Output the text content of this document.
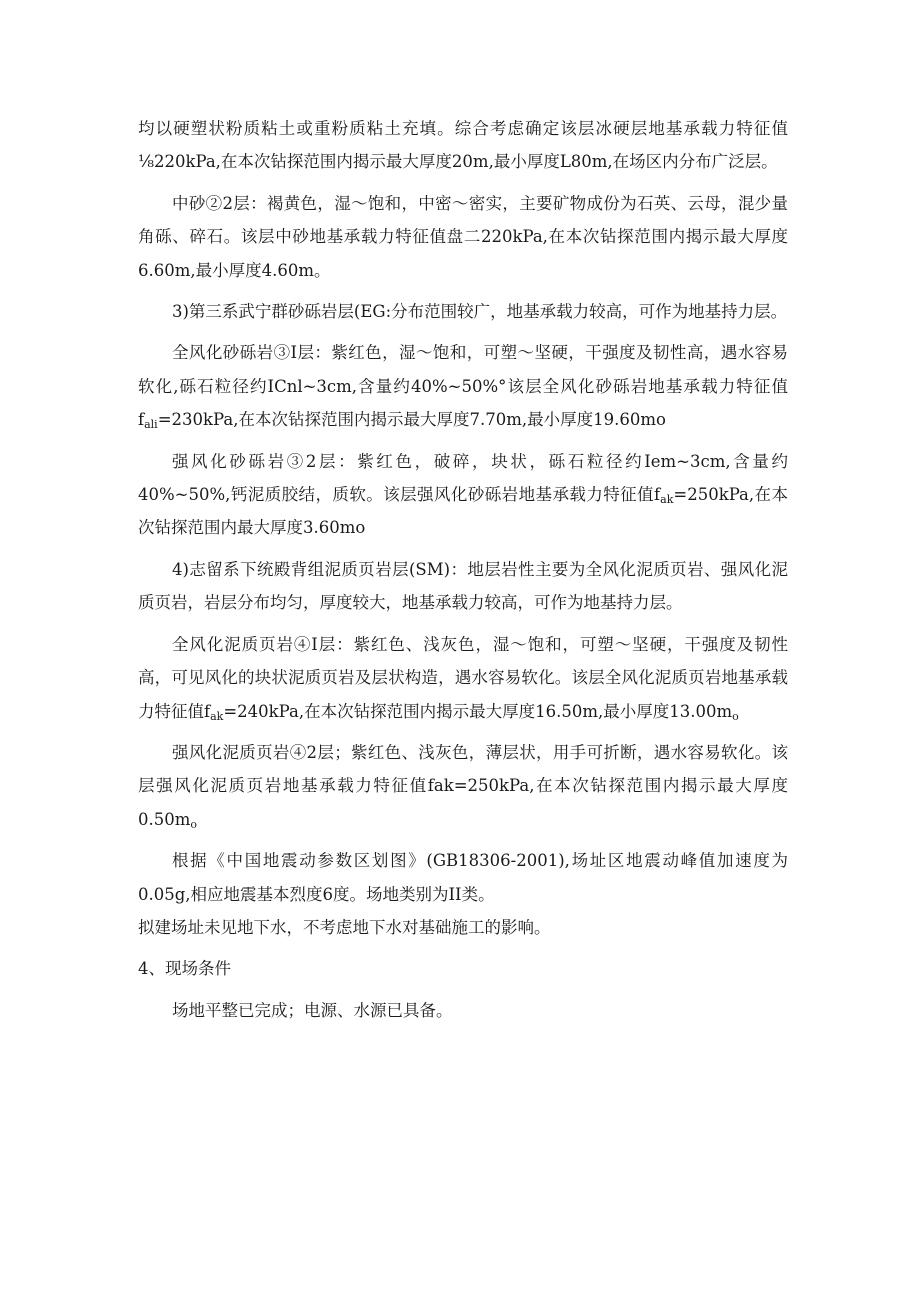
均以硬塑状粉质粘土或重粉质粘土充填。综合考虑确定该层冰硬层地基承载力特征值⅛220kPa,在本次钻探范围内揭示最大厚度20m,最小厚度L80m,在场区内分布广泛层。

中砂②2层：褐黄色，湿～饱和，中密～密实，主要矿物成份为石英、云母，混少量角砾、碎石。该层中砂地基承载力特征值盘二220kPa,在本次钻探范围内揭示最大厚度6.60m,最小厚度4.60m。

3)第三系武宁群砂砾岩层(EG:分布范围较广，地基承载力较高，可作为地基持力层。

全风化砂砾岩③I层：紫红色，湿～饱和，可塑～坚硬，干强度及韧性高，遇水容易软化,砾石粒径约ICnl~3cm,含量约40%~50%°该层全风化砂砾岩地基承载力特征值$f_{ali}=230kPa$,在本次钻探范围内揭示最大厚度7.70m,最小厚度19.60mo

强风化砂砾岩③2层：紫红色，破碎，块状，砾石粒径约Iem~3cm,含量约40%~50%,钙泥质胶结，质软。该层强风化砂砾岩地基承载力特征值$f_{ak}=250kPa$,在本次钻探范围内最大厚度3.60mo

4)志留系下统殿背组泥质页岩层(SM)：地层岩性主要为全风化泥质页岩、强风化泥质页岩，岩层分布均匀，厚度较大，地基承载力较高，可作为地基持力层。

全风化泥质页岩④I层：紫红色、浅灰色，湿～饱和，可塑～坚硬，干强度及韧性高，可见风化的块状泥质页岩及层状构造，遇水容易软化。该层全风化泥质页岩地基承载力特征值$f_{ak}=240kPa$,在本次钻探范围内揭示最大厚度16.50m,最小厚度$13.00m_o$

强风化泥质页岩④2层；紫红色、浅灰色，薄层状，用手可折断，遇水容易软化。该层强风化泥质页岩地基承载力特征值fak=250kPa,在本次钻探范围内揭示最大厚度$0.50m_o$

根据《中国地震动参数区划图》(GB18306-2001),场址区地震动峰值加速度为0.05g,相应地震基本烈度6度。场地类别为II类。

拟建场址未见地下水，不考虑地下水对基础施工的影响。

4、现场条件

场地平整已完成；电源、水源已具备。
